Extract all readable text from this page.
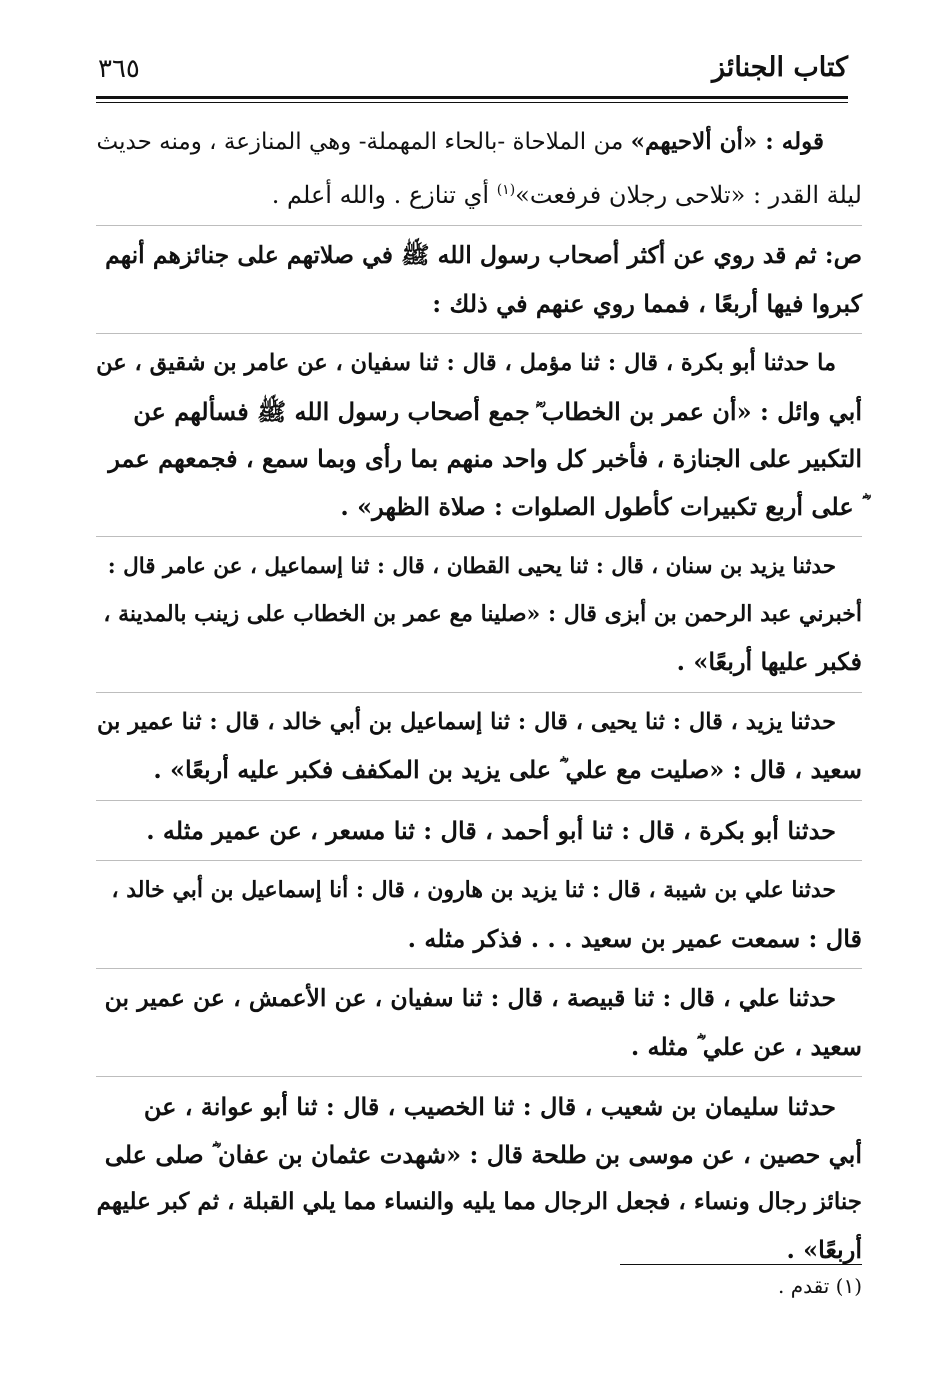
كتاب الجنائز
٣٦٥

قوله : «أن ألاحيهم» من الملاحاة -بالحاء المهملة- وهي المنازعة ، ومنه حديث
ليلة القدر : «تلاحى رجلان فرفعت»$^{(١)}$ أي تنازع . والله أعلم .

ص: ثم قد روي عن أكثر أصحاب رسول الله ﷺ في صلاتهم على جنائزهم أنهم
كبروا فيها أربعًا ، فمما روي عنهم في ذلك :

ما حدثنا أبو بكرة ، قال : ثنا مؤمل ، قال : ثنا سفيان ، عن عامر بن شقيق ، عن
أبي وائل : «أن عمر بن الخطاب ؓ جمع أصحاب رسول الله ﷺ فسألهم عن
التكبير على الجنازة ، فأخبر كل واحد منهم بما رأى وبما سمع ، فجمعهم عمر
ؓ على أربع تكبيرات كأطول الصلوات : صلاة الظهر» .

حدثنا يزيد بن سنان ، قال : ثنا يحيى القطان ، قال : ثنا إسماعيل ، عن عامر قال :
أخبرني عبد الرحمن بن أبزى قال : «صلينا مع عمر بن الخطاب على زينب بالمدينة ،
فكبر عليها أربعًا» .

حدثنا يزيد ، قال : ثنا يحيى ، قال : ثنا إسماعيل بن أبي خالد ، قال : ثنا عمير بن
سعيد ، قال : «صليت مع علي ؓ على يزيد بن المكفف فكبر عليه أربعًا» .

حدثنا أبو بكرة ، قال : ثنا أبو أحمد ، قال : ثنا مسعر ، عن عمير مثله .

حدثنا علي بن شيبة ، قال : ثنا يزيد بن هارون ، قال : أنا إسماعيل بن أبي خالد ،
قال : سمعت عمير بن سعيد . . . فذكر مثله .

حدثنا علي ، قال : ثنا قبيصة ، قال : ثنا سفيان ، عن الأعمش ، عن عمير بن
سعيد ، عن علي ؓ مثله .

حدثنا سليمان بن شعيب ، قال : ثنا الخصيب ، قال : ثنا أبو عوانة ، عن
أبي حصين ، عن موسى بن طلحة قال : «شهدت عثمان بن عفان ؓ صلى على
جنائز رجال ونساء ، فجعل الرجال مما يليه والنساء مما يلي القبلة ، ثم كبر عليهم
أربعًا» .

(١) تقدم .
